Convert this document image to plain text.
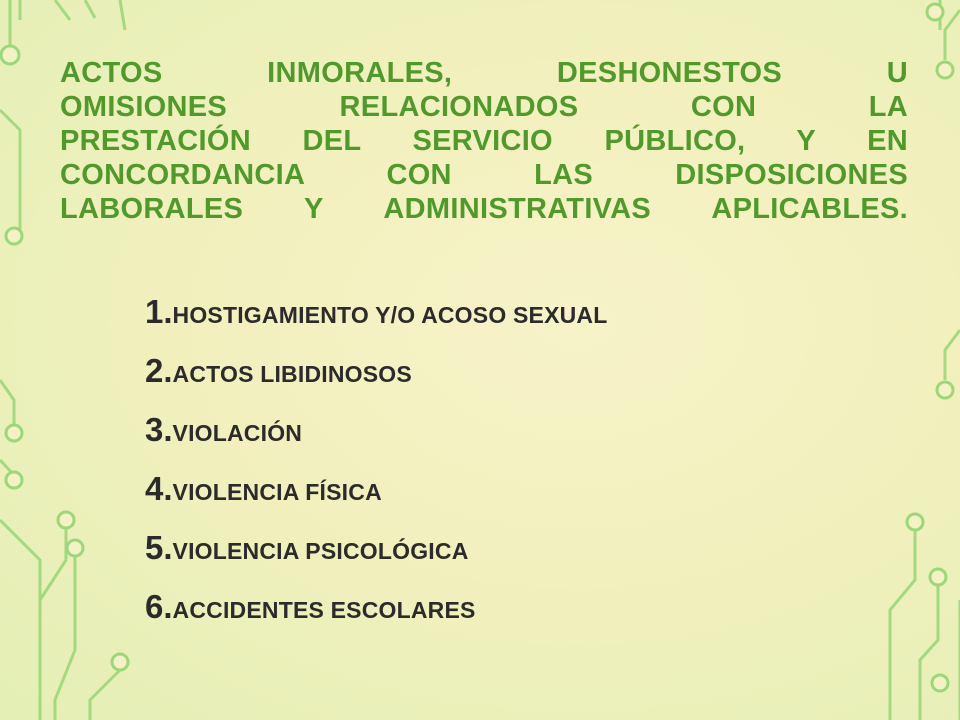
ACTOS INMORALES, DESHONESTOS U
OMISIONES RELACIONADOS CON LA
PRESTACIÓN DEL SERVICIO PÚBLICO, Y EN
CONCORDANCIA CON LAS DISPOSICIONES
LABORALES Y ADMINISTRATIVAS APLICABLES.
1.HOSTIGAMIENTO Y/O ACOSO SEXUAL
2.ACTOS LIBIDINOSOS
3.VIOLACIÓN
4.VIOLENCIA FÍSICA
5.VIOLENCIA PSICOLÓGICA
6.ACCIDENTES ESCOLARES
